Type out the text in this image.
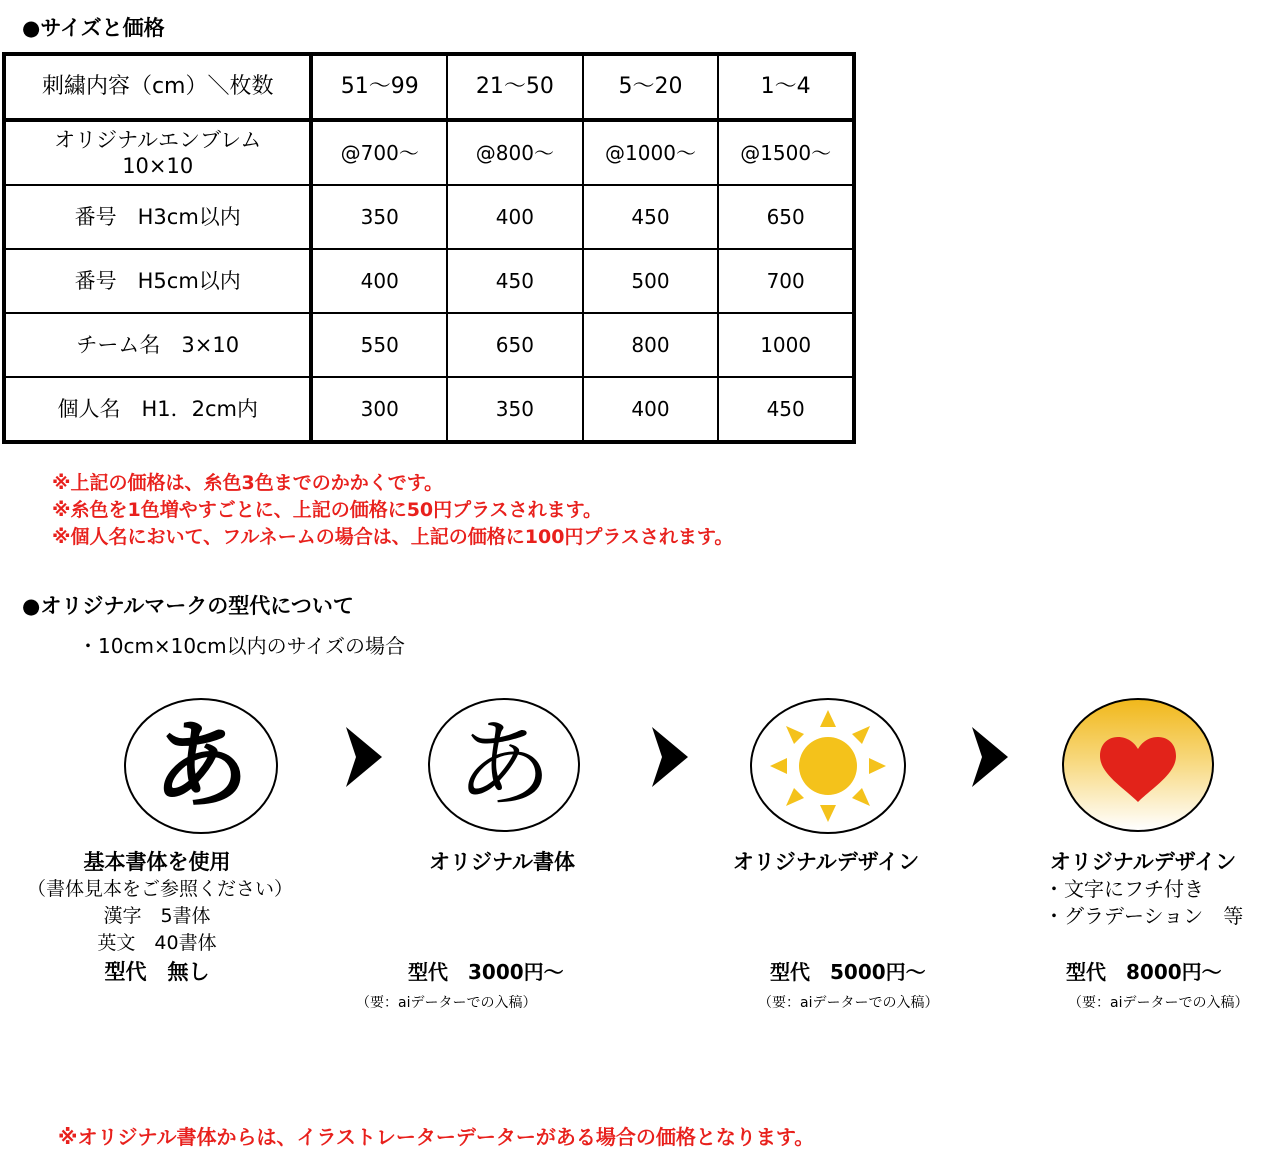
●サイズと価格
刺繍内容（cm）＼枚数	51～99	21～50	5～20	1～4

オリジナルエンブレム
10×10	@700～	@800～	@1000～	@1500～
番号　H3cm以内	350	400	450	650
番号　H5cm以内	400	450	500	700
チーム名　3×10	550	650	800	1000
個人名　H1．2cm内	300	350	400	450
※上記の価格は、糸色3色までのかかくです。
※糸色を1色増やすごとに、上記の価格に50円プラスされます。
※個人名において、フルネームの場合は、上記の価格に100円プラスされます。
●オリジナルマークの型代について
・10cm×10cm以内のサイズの場合
あ
基本書体を使用
（書体見本をご参照ください）
漢字　5書体
英文　40書体
型代　無し
あ
オリジナル書体
型代　3000円～
（要：aiデーターでの入稿）
オリジナルデザイン
型代　5000円～
（要：aiデーターでの入稿）
オリジナルデザイン
・文字にフチ付き
・グラデーション　等
型代　8000円～
（要：aiデーターでの入稿）
※オリジナル書体からは、イラストレーターデーターがある場合の価格となります。
